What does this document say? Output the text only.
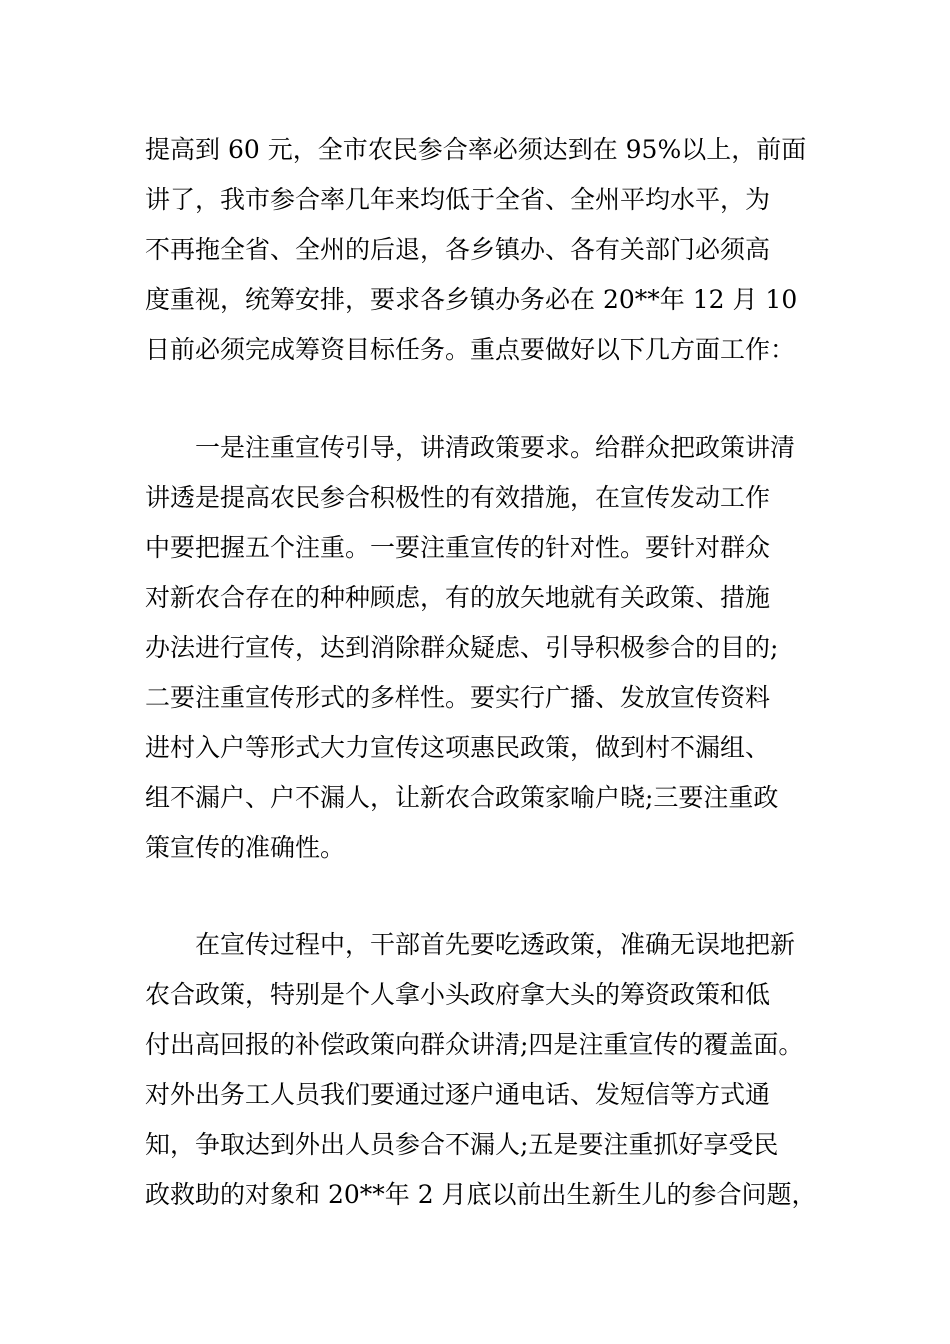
提高到 60 元，全市农民参合率必须达到在 95%以上，前面
讲了，我市参合率几年来均低于全省、全州平均水平，为
不再拖全省、全州的后退，各乡镇办、各有关部门必须高
度重视，统筹安排，要求各乡镇办务必在 20**年 12 月 10
日前必须完成筹资目标任务。重点要做好以下几方面工作：
　　一是注重宣传引导，讲清政策要求。给群众把政策讲清
讲透是提高农民参合积极性的有效措施，在宣传发动工作
中要把握五个注重。一要注重宣传的针对性。要针对群众
对新农合存在的种种顾虑，有的放矢地就有关政策、措施
办法进行宣传，达到消除群众疑虑、引导积极参合的目的;
二要注重宣传形式的多样性。要实行广播、发放宣传资料
进村入户等形式大力宣传这项惠民政策，做到村不漏组、
组不漏户、户不漏人，让新农合政策家喻户晓;三要注重政
策宣传的准确性。
　　在宣传过程中，干部首先要吃透政策，准确无误地把新
农合政策，特别是个人拿小头政府拿大头的筹资政策和低
付出高回报的补偿政策向群众讲清;四是注重宣传的覆盖面。
对外出务工人员我们要通过逐户通电话、发短信等方式通
知，争取达到外出人员参合不漏人;五是要注重抓好享受民
政救助的对象和 20**年 2 月底以前出生新生儿的参合问题，
